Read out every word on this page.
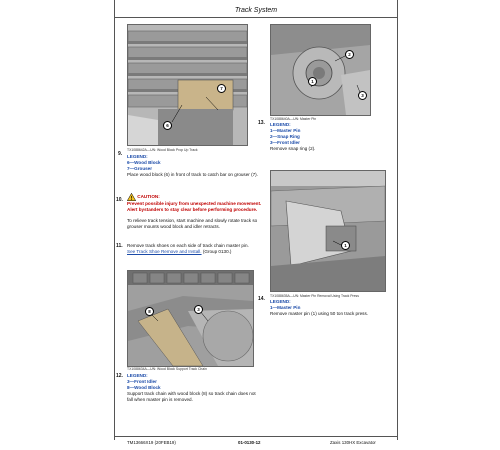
Track System
6
7
TX1088642A—UN: Wood Block Prop Up Track
9. LEGEND:
6—Wood Block
7—Grouser
Place wood block (6) in front of track to catch bar on grouser (7).
10. ! CAUTION:
Prevent possible injury from unexpected machine movement. Alert bystanders to stay clear before performing procedure.
To relieve track tension, start machine and slowly rotate track so grouser mounts wood block and idler retracts.
11. Remove track shoes on each side of track chain master pin.
See Track Shoe Remove and Install. (Group 0130.)
3
8
TX1088634A—UN: Wood Block Support Track Chain
12. LEGEND:
3—Front Idler
8—Wood Block
Support track chain with wood block (8) so track chain does not fall when master pin is removed.
1
2
3
TX1088640A—UN: Master Pin
13. LEGEND:
1—Master Pin
2—Snap Ring
3—Front Idler
Remove snap ring (2).
1
TX1088635A—UN: Master Pin Removal Using Track Press
14. LEGEND:
1—Master Pin
Remove master pin (1) using 50 ton track press.
TM13666X19 (20FEB19)	01-0130-12	Zaxis 130HX Excavator
